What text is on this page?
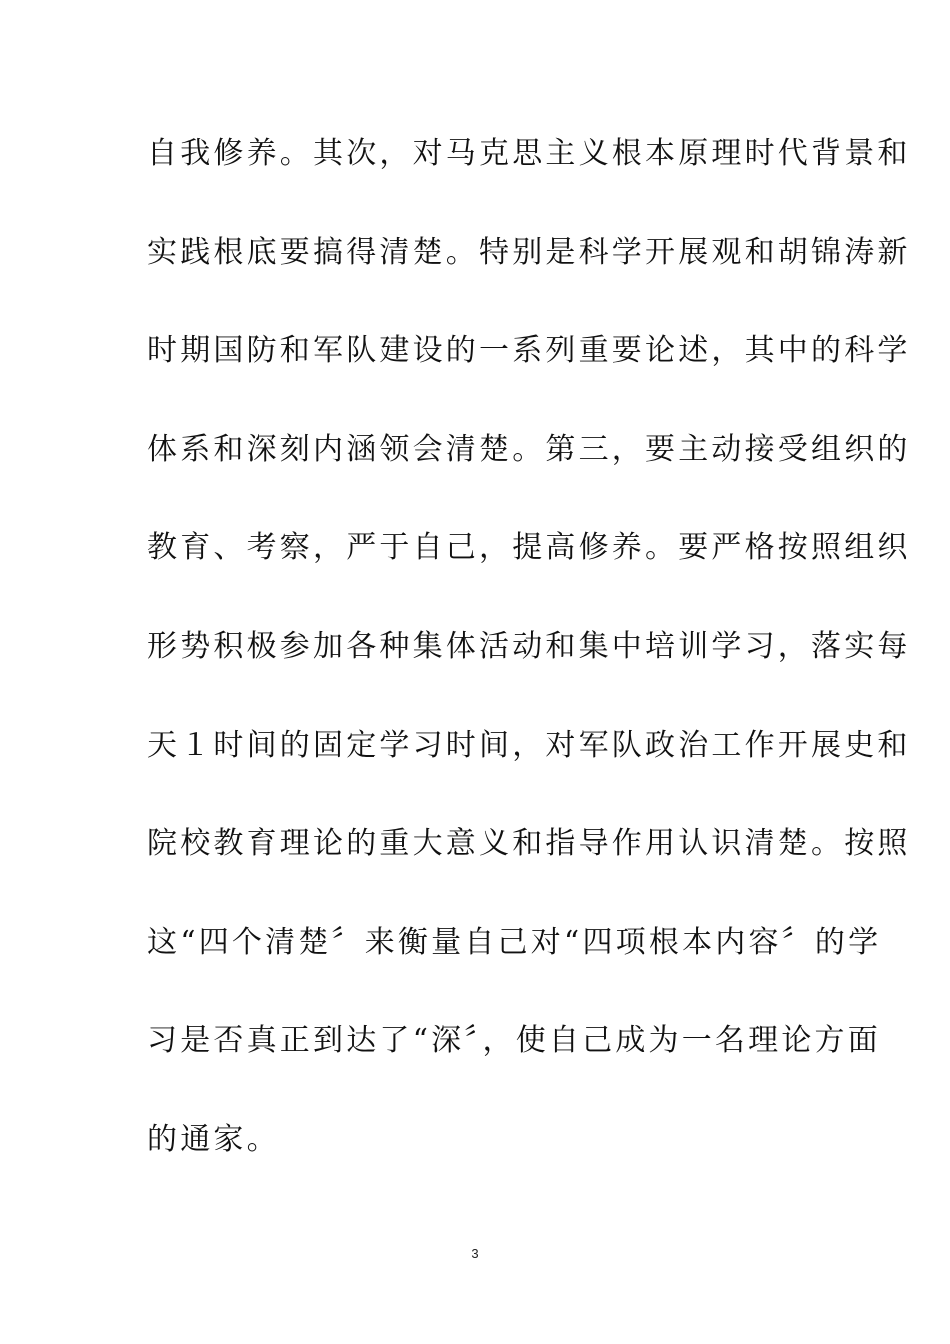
自我修养。其次，对马克思主义根本原理时代背景和
实践根底要搞得清楚。特别是科学开展观和胡锦涛新
时期国防和军队建设的一系列重要论述，其中的科学
体系和深刻内涵领会清楚。第三，要主动接受组织的
教育、考察，严于自己，提高修养。要严格按照组织
形势积极参加各种集体活动和集中培训学习，落实每
天１时间的固定学习时间，对军队政治工作开展史和
院校教育理论的重大意义和指导作用认识清楚。按照
这“四个清楚〞来衡量自己对“四项根本内容〞的学
习是否真正到达了“深〞，使自己成为一名理论方面
的通家。
3
